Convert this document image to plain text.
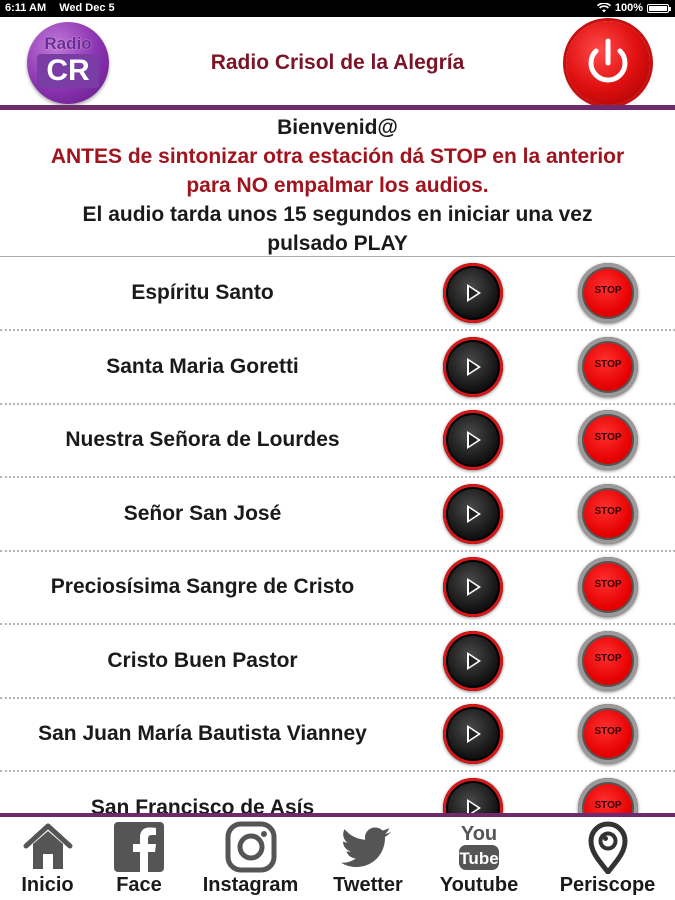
6:11 AM Wed Dec 5	100%
Radio
CR	Radio Crisol de la Alegría
Bienvenid@
ANTES de sintonizar otra estación dá STOP en la anterior
para NO empalmar los audios.
El audio tarda unos 15 segundos en iniciar una vez
pulsado PLAY
Espíritu Santo	STOP
Santa Maria Goretti	STOP
Nuestra Señora de Lourdes	STOP
Señor San José	STOP
Preciosísima Sangre de Cristo	STOP
Cristo Buen Pastor	STOP
San Juan María Bautista Vianney	STOP
San Francisco de Asís	STOP
Inicio	Face	Instagram	Twetter
You
Tube
Youtube	Periscope
